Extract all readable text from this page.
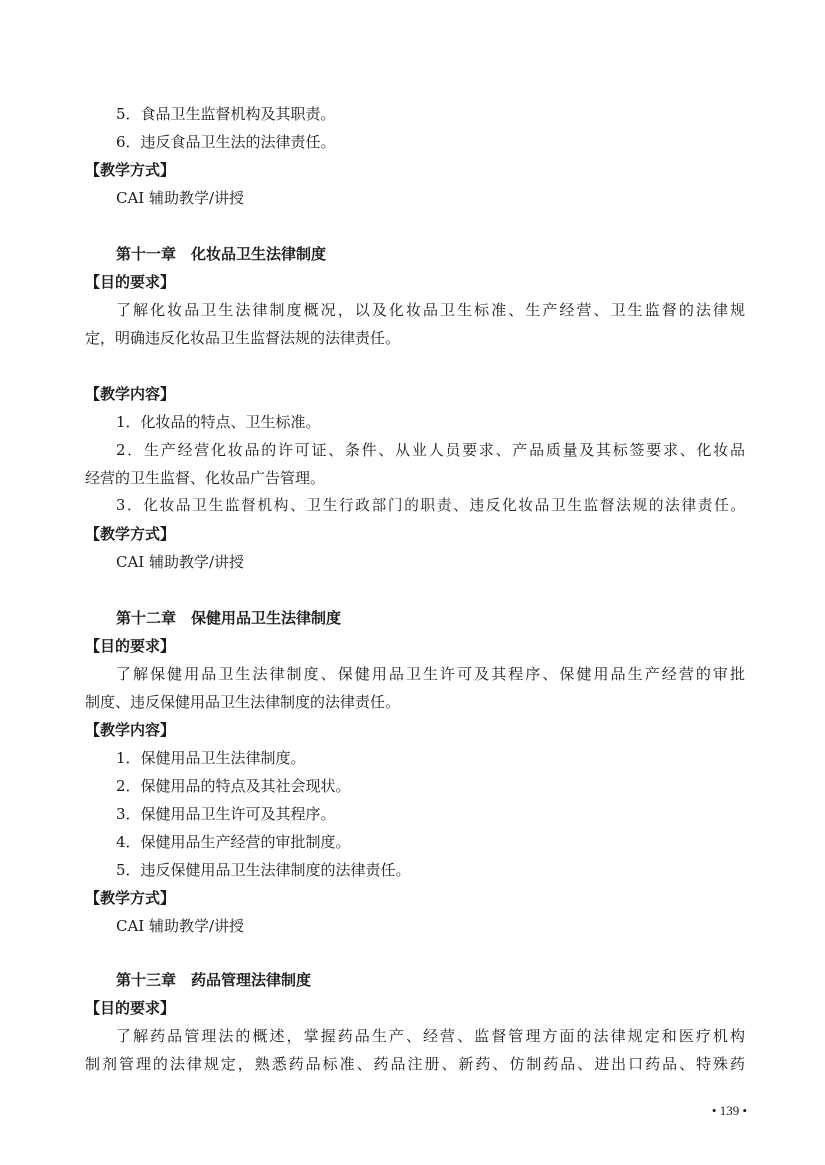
5．食品卫生监督机构及其职责。
6．违反食品卫生法的法律责任。
【教学方式】
CAI 辅助教学/讲授
第十一章　化妆品卫生法律制度
【目的要求】
了解化妆品卫生法律制度概况，以及化妆品卫生标准、生产经营、卫生监督的法律规
定，明确违反化妆品卫生监督法规的法律责任。
【教学内容】
1．化妆品的特点、卫生标准。
2．生产经营化妆品的许可证、条件、从业人员要求、产品质量及其标签要求、化妆品
经营的卫生监督、化妆品广告管理。
3．化妆品卫生监督机构、卫生行政部门的职责、违反化妆品卫生监督法规的法律责任。
【教学方式】
CAI 辅助教学/讲授
第十二章　保健用品卫生法律制度
【目的要求】
了解保健用品卫生法律制度、保健用品卫生许可及其程序、保健用品生产经营的审批
制度、违反保健用品卫生法律制度的法律责任。
【教学内容】
1．保健用品卫生法律制度。
2．保健用品的特点及其社会现状。
3．保健用品卫生许可及其程序。
4．保健用品生产经营的审批制度。
5．违反保健用品卫生法律制度的法律责任。
【教学方式】
CAI 辅助教学/讲授
第十三章　药品管理法律制度
【目的要求】
了解药品管理法的概述，掌握药品生产、经营、监督管理方面的法律规定和医疗机构
制剂管理的法律规定，熟悉药品标准、药品注册、新药、仿制药品、进出口药品、特殊药
• 139 •
